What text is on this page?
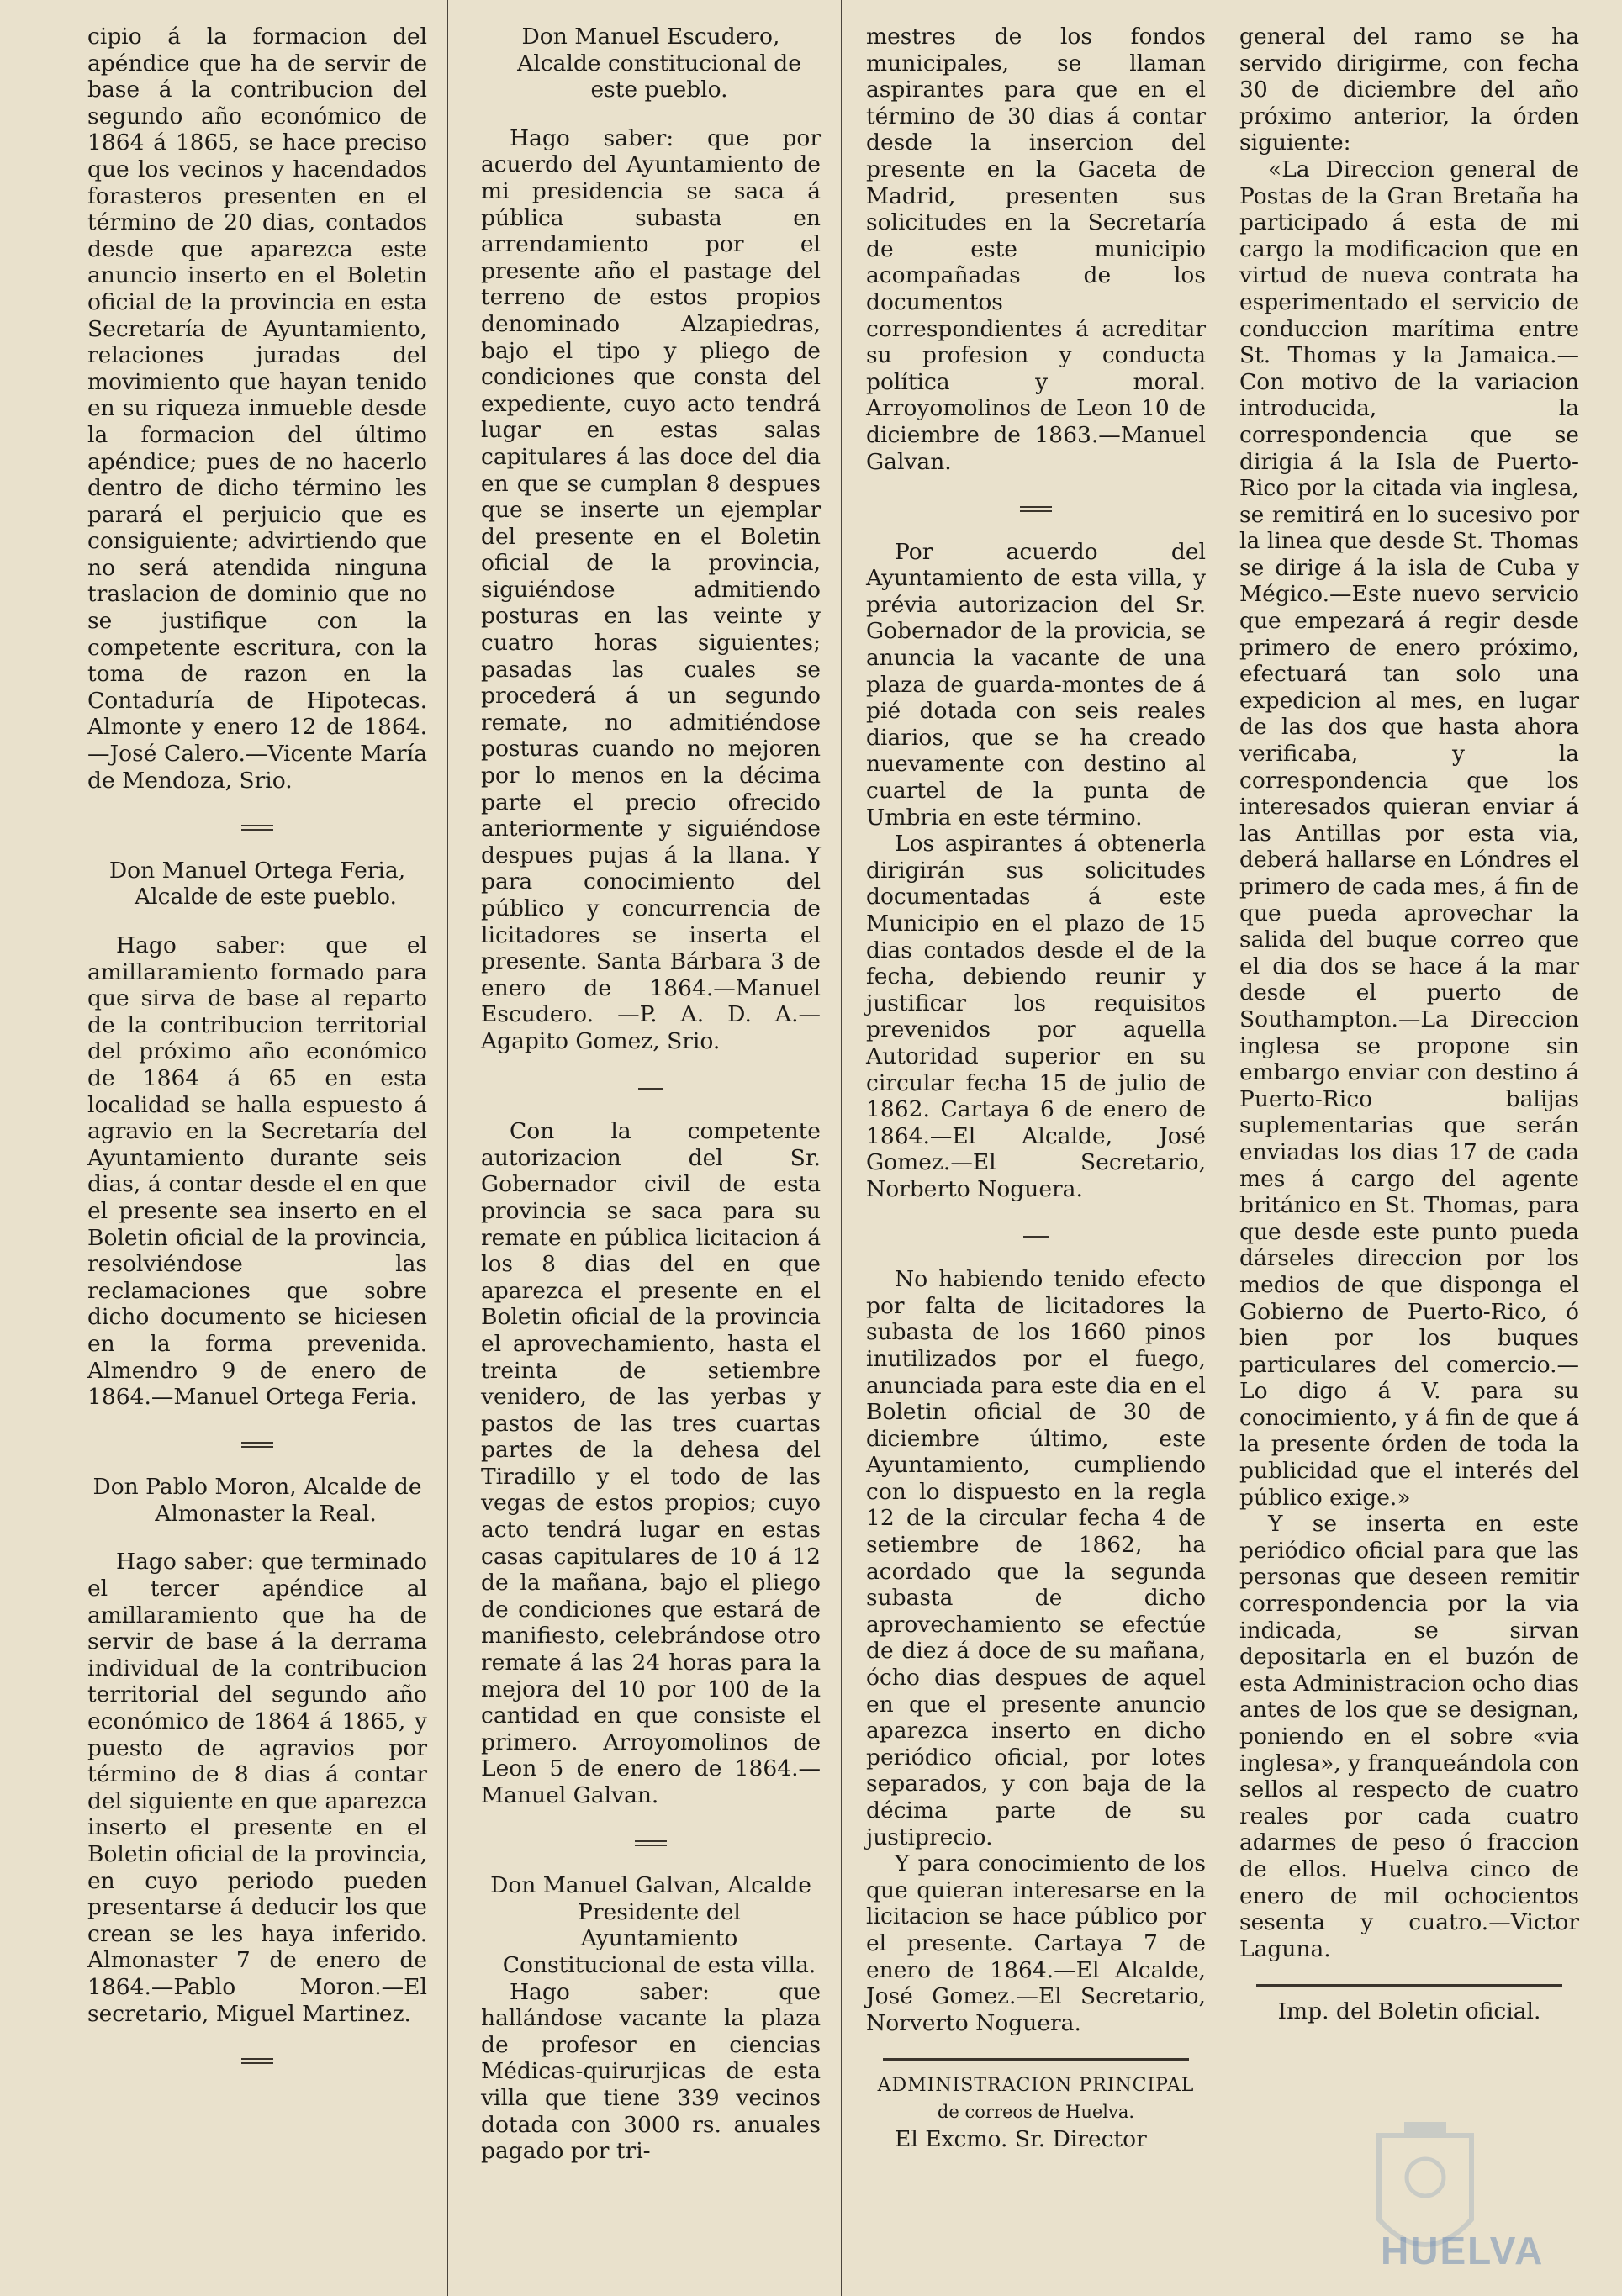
cipio á la formacion del apéndice que ha de servir de base á la contribucion del segundo año económico de 1864 á 1865, se hace preciso que los vecinos y hacendados forasteros presenten en el término de 20 dias, contados desde que aparezca este anuncio inserto en el Boletin oficial de la provincia en esta Secretaría de Ayuntamiento, relaciones juradas del movimiento que hayan tenido en su riqueza inmueble desde la formacion del último apéndice; pues de no hacerlo dentro de dicho término les parará el perjuicio que es consiguiente; advirtiendo que no será atendida ninguna traslacion de dominio que no se justifique con la competente escritura, con la toma de razon en la Contaduría de Hipotecas. Almonte y enero 12 de 1864. —José Calero.—Vicente María de Mendoza, Srio.

Don Manuel Ortega Feria, Alcalde de este pueblo.

Hago saber: que el amillaramiento formado para que sirva de base al reparto de la contribucion territorial del próximo año económico de 1864 á 65 en esta localidad se halla espuesto á agravio en la Secretaría del Ayuntamiento durante seis dias, á contar desde el en que el presente sea inserto en el Boletin oficial de la provincia, resolviéndose las reclamaciones que sobre dicho documento se hiciesen en la forma prevenida. Almendro 9 de enero de 1864.—Manuel Ortega Feria.

Don Pablo Moron, Alcalde de Almonaster la Real.

Hago saber: que terminado el tercer apéndice al amillaramiento que ha de servir de base á la derrama individual de la contribucion territorial del segundo año económico de 1864 á 1865, y puesto de agravios por término de 8 dias á contar del siguiente en que aparezca inserto el presente en el Boletin oficial de la provincia, en cuyo periodo pueden presentarse á deducir los que crean se les haya inferido. Almonaster 7 de enero de 1864.—Pablo Moron.—El secretario, Miguel Martinez.

Don Manuel Escudero, Alcalde constitucional de este pueblo.

Hago saber: que por acuerdo del Ayuntamiento de mi presidencia se saca á pública subasta en arrendamiento por el presente año el pastage del terreno de estos propios denominado Alzapiedras, bajo el tipo y pliego de condiciones que consta del expediente, cuyo acto tendrá lugar en estas salas capitulares á las doce del dia en que se cumplan 8 despues que se inserte un ejemplar del presente en el Boletin oficial de la provincia, siguiéndose admitiendo posturas en las veinte y cuatro horas siguientes; pasadas las cuales se procederá á un segundo remate, no admitiéndose posturas cuando no mejoren por lo menos en la décima parte el precio ofrecido anteriormente y siguiéndose despues pujas á la llana. Y para conocimiento del público y concurrencia de licitadores se inserta el presente. Santa Bárbara 3 de enero de 1864.—Manuel Escudero. —P. A. D. A.—Agapito Gomez, Srio.

Con la competente autorizacion del Sr. Gobernador civil de esta provincia se saca para su remate en pública licitacion á los 8 dias del en que aparezca el presente en el Boletin oficial de la provincia el aprovechamiento, hasta el treinta de setiembre venidero, de las yerbas y pastos de las tres cuartas partes de la dehesa del Tiradillo y el todo de las vegas de estos propios; cuyo acto tendrá lugar en estas casas capitulares de 10 á 12 de la mañana, bajo el pliego de condiciones que estará de manifiesto, celebrándose otro remate á las 24 horas para la mejora del 10 por 100 de la cantidad en que consiste el primero. Arroyomolinos de Leon 5 de enero de 1864.—Manuel Galvan.

Don Manuel Galvan, Alcalde Presidente del Ayuntamiento Constitucional de esta villa.

Hago saber: que hallándose vacante la plaza de profesor en ciencias Médicas-quirurjicas de esta villa que tiene 339 vecinos dotada con 3000 rs. anuales pagado por tri-

mestres de los fondos municipales, se llaman aspirantes para que en el término de 30 dias á contar desde la insercion del presente en la Gaceta de Madrid, presenten sus solicitudes en la Secretaría de este municipio acompañadas de los documentos correspondientes á acreditar su profesion y conducta política y moral. Arroyomolinos de Leon 10 de diciembre de 1863.—Manuel Galvan.

Por acuerdo del Ayuntamiento de esta villa, y prévia autorizacion del Sr. Gobernador de la provicia, se anuncia la vacante de una plaza de guarda-montes de á pié dotada con seis reales diarios, que se ha creado nuevamente con destino al cuartel de la punta de Umbria en este término.

Los aspirantes á obtenerla dirigirán sus solicitudes documentadas á este Municipio en el plazo de 15 dias contados desde el de la fecha, debiendo reunir y justificar los requisitos prevenidos por aquella Autoridad superior en su circular fecha 15 de julio de 1862. Cartaya 6 de enero de 1864.—El Alcalde, José Gomez.—El Secretario, Norberto Noguera.

No habiendo tenido efecto por falta de licitadores la subasta de los 1660 pinos inutilizados por el fuego, anunciada para este dia en el Boletin oficial de 30 de diciembre último, este Ayuntamiento, cumpliendo con lo dispuesto en la regla 12 de la circular fecha 4 de setiembre de 1862, ha acordado que la segunda subasta de dicho aprovechamiento se efectúe de diez á doce de su mañana, ócho dias despues de aquel en que el presente anuncio aparezca inserto en dicho periódico oficial, por lotes separados, y con baja de la décima parte de su justiprecio.

Y para conocimiento de los que quieran interesarse en la licitacion se hace público por el presente. Cartaya 7 de enero de 1864.—El Alcalde, José Gomez.—El Secretario, Norverto Noguera.

ADMINISTRACION PRINCIPAL

de correos de Huelva.

El Excmo. Sr. Director

general del ramo se ha servido dirigirme, con fecha 30 de diciembre del año próximo anterior, la órden siguiente:

«La Direccion general de Postas de la Gran Bretaña ha participado á esta de mi cargo la modificacion que en virtud de nueva contrata ha esperimentado el servicio de conduccion marítima entre St. Thomas y la Jamaica.—Con motivo de la variacion introducida, la correspondencia que se dirigia á la Isla de Puerto-Rico por la citada via inglesa, se remitirá en lo sucesivo por la linea que desde St. Thomas se dirige á la isla de Cuba y Mégico.—Este nuevo servicio que empezará á regir desde primero de enero próximo, efectuará tan solo una expedicion al mes, en lugar de las dos que hasta ahora verificaba, y la correspondencia que los interesados quieran enviar á las Antillas por esta via, deberá hallarse en Lóndres el primero de cada mes, á fin de que pueda aprovechar la salida del buque correo que el dia dos se hace á la mar desde el puerto de Southampton.—La Direccion inglesa se propone sin embargo enviar con destino á Puerto-Rico balijas suplementarias que serán enviadas los dias 17 de cada mes á cargo del agente británico en St. Thomas, para que desde este punto pueda dárseles direccion por los medios de que disponga el Gobierno de Puerto-Rico, ó bien por los buques particulares del comercio.—Lo digo á V. para su conocimiento, y á fin de que á la presente órden de toda la publicidad que el interés del público exige.»

Y se inserta en este periódico oficial para que las personas que deseen remitir correspondencia por la via indicada, se sirvan depositarla en el buzón de esta Administracion ocho dias antes de los que se designan, poniendo en el sobre «via inglesa», y franqueándola con sellos al respecto de cuatro reales por cada cuatro adarmes de peso ó fraccion de ellos. Huelva cinco de enero de mil ochocientos sesenta y cuatro.—Victor Laguna.

Imp. del Boletin oficial.

HUELVA
